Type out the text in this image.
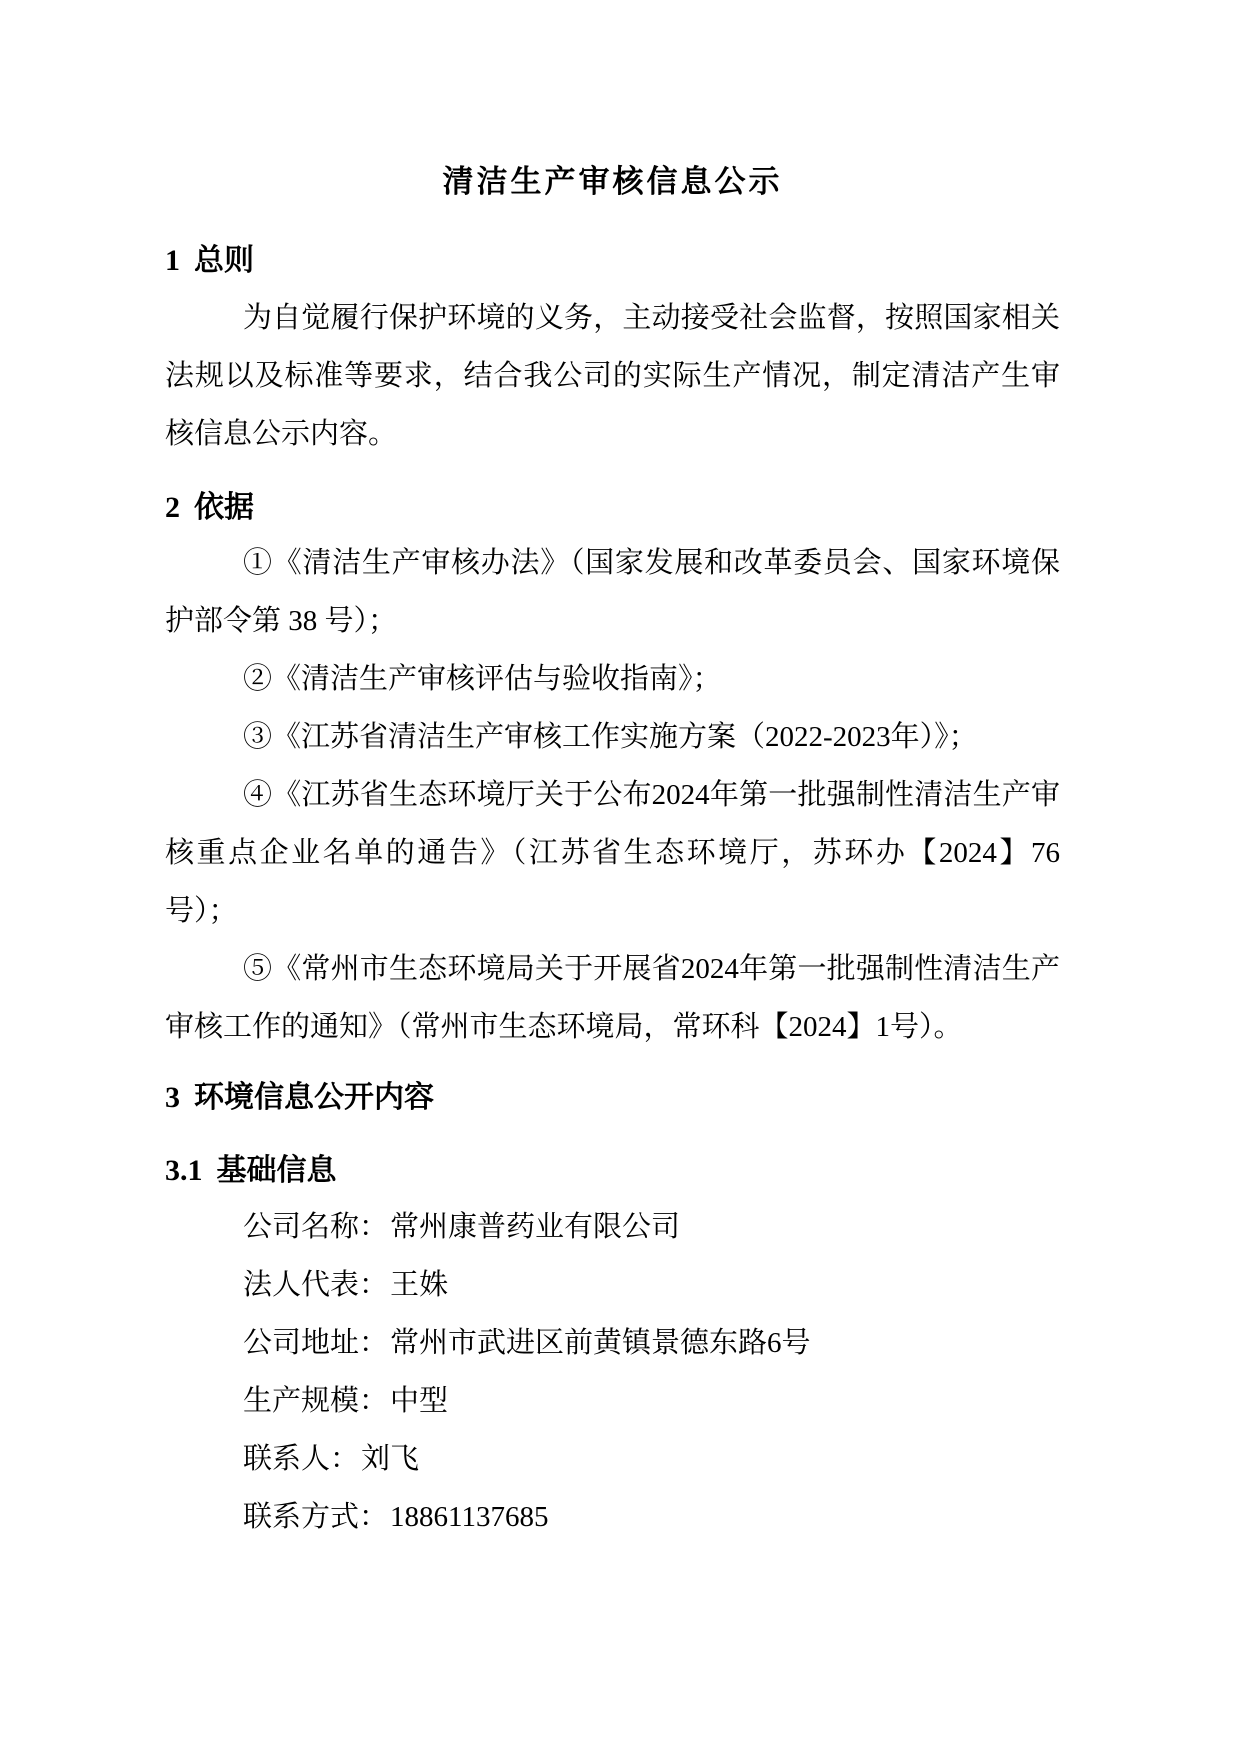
清洁生产审核信息公示
1 总则

为自觉履行保护环境的义务，主动接受社会监督，按照国家相关法规以及标准等要求，结合我公司的实际生产情况，制定清洁产生审核信息公示内容。

2 依据

①《清洁生产审核办法》（国家发展和改革委员会、国家环境保护部令第 38 号）；

②《清洁生产审核评估与验收指南》；

③《江苏省清洁生产审核工作实施方案（2022-2023年）》；

④《江苏省生态环境厅关于公布2024年第一批强制性清洁生产审核重点企业名单的通告》（江苏省生态环境厅，苏环办【2024】76号）；

⑤《常州市生态环境局关于开展省2024年第一批强制性清洁生产审核工作的通知》（常州市生态环境局，常环科【2024】1号）。

3 环境信息公开内容
3.1 基础信息

公司名称：常州康普药业有限公司

法人代表：王姝

公司地址：常州市武进区前黄镇景德东路6号

生产规模：中型

联系人：刘飞

联系方式：18861137685
